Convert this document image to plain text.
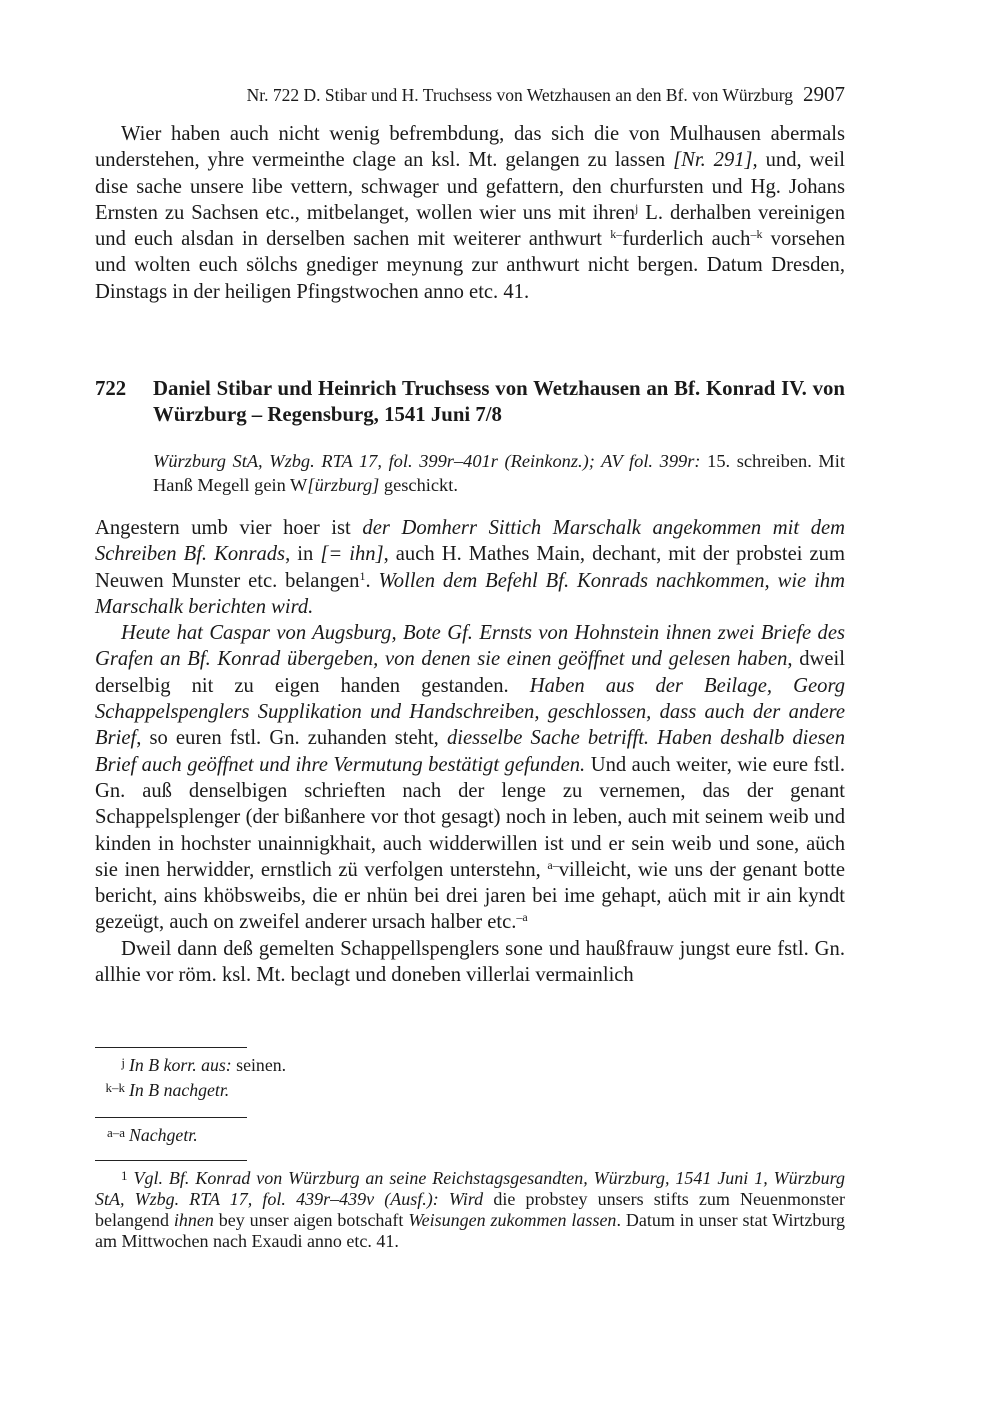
Nr. 722 D. Stibar und H. Truchsess von Wetzhausen an den Bf. von Würzburg 2907

Wier haben auch nicht wenig befrembdung, das sich die von Mulhausen abermals understehen, yhre vermeinthe clage an ksl. Mt. gelangen zu lassen [Nr. 291], und, weil dise sache unsere libe vettern, schwager und gefattern, den churfursten und Hg. Johans Ernsten zu Sachsen etc., mitbelanget, wollen wier uns mit ihren$^j$ L. derhalben vereinigen und euch alsdan in derselben sachen mit weiterer anthwurt $^{k-}$furderlich auch$^{-k}$ vorsehen und wolten euch sölchs gnediger meynung zur anthwurt nicht bergen. Datum Dresden, Dinstags in der heiligen Pfingstwochen anno etc. 41.

722 Daniel Stibar und Heinrich Truchsess von Wetzhausen an Bf. Konrad IV. von Würzburg – Regensburg, 1541 Juni 7/8
Würzburg StA, Wzbg. RTA 17, fol. 399r–401r (Reinkonz.); AV fol. 399r: 15. schreiben. Mit Hanß Megell gein W[ürzburg] geschickt.

Angestern umb vier hoer ist der Domherr Sittich Marschalk angekommen mit dem Schreiben Bf. Konrads, in [= ihn], auch H. Mathes Main, dechant, mit der probstei zum Neuwen Munster etc. belangen$^1$. Wollen dem Befehl Bf. Konrads nachkommen, wie ihm Marschalk berichten wird.

Heute hat Caspar von Augsburg, Bote Gf. Ernsts von Hohnstein ihnen zwei Briefe des Grafen an Bf. Konrad übergeben, von denen sie einen geöffnet und gelesen haben, dweil derselbig nit zu eigen handen gestanden. Haben aus der Beilage, Georg Schappelspenglers Supplikation und Handschreiben, geschlossen, dass auch der andere Brief, so euren fstl. Gn. zuhanden steht, diesselbe Sache betrifft. Haben deshalb diesen Brief auch geöffnet und ihre Vermutung bestätigt gefunden. Und auch weiter, wie eure fstl. Gn. auß denselbigen schrieften nach der lenge zu vernemen, das der genant Schappelsplenger (der bißanhere vor thot gesagt) noch in leben, auch mit seinem weib und kinden in hochster unainnigkhait, auch widderwillen ist und er sein weib und sone, aüch sie inen herwidder, ernstlich zü verfolgen unterstehn, $^{a-}$villeicht, wie uns der genant botte bericht, ains khöbsweibs, die er nhün bei drei jaren bei ime gehapt, aüch mit ir ain kyndt gezeügt, auch on zweifel anderer ursach halber etc.$^{-a}$

Dweil dann deß gemelten Schappellspenglers sone und haußfrauw jungst eure fstl. Gn. allhie vor röm. ksl. Mt. beclagt und doneben villerlai vermainlich

j In B korr. aus: seinen.
k–k In B nachgetr.
a–a Nachgetr.
$^1$ Vgl. Bf. Konrad von Würzburg an seine Reichstagsgesandten, Würzburg, 1541 Juni 1, Würzburg StA, Wzbg. RTA 17, fol. 439r–439v (Ausf.): Wird die probstey unsers stifts zum Neuenmonster belangend ihnen bey unser aigen botschaft Weisungen zukommen lassen. Datum in unser stat Wirtzburg am Mittwochen nach Exaudi anno etc. 41.
